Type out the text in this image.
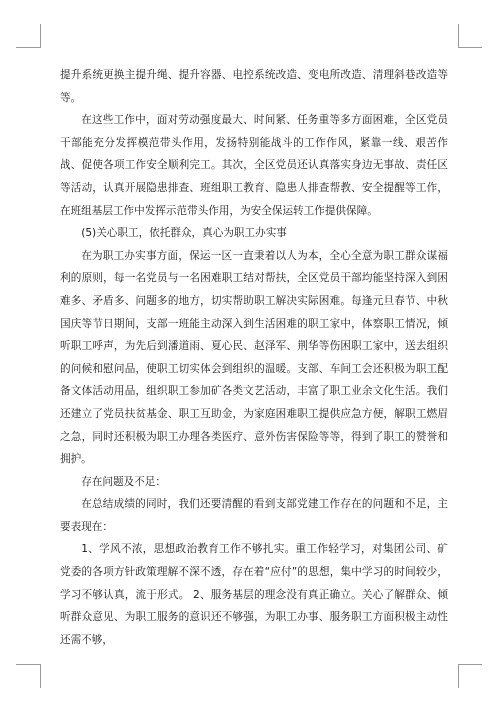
提升系统更换主提升绳、提升容器、电控系统改造、变电所改造、清理斜巷改造等等。

在这些工作中，面对劳动强度最大、时间紧、任务重等多方面困难，全区党员干部能充分发挥模范带头作用，发扬特别能战斗的工作作风，紧靠一线、艰苦作战、促使各项工作安全顺利完工。其次，全区党员还认真落实身边无事故、责任区等活动，认真开展隐患排查、班组职工教育、隐患人排查帮教、安全提醒等工作，在班组基层工作中发挥示范带头作用，为安全保运转工作提供保障。

(5)关心职工，依托群众，真心为职工办实事

在为职工办实事方面，保运一区一直秉着以人为本，全心全意为职工群众谋福利的原则，每一名党员与一名困难职工结对帮扶，全区党员干部均能坚持深入到困难多、矛盾多、问题多的地方，切实帮助职工解决实际困难。每逢元旦春节、中秋国庆等节日期间，支部一班能主动深入到生活困难的职工家中，体察职工情况，倾听职工呼声，为先后到潘道雨、夏心民、赵泽军、荆华等伤困职工家中，送去组织的问候和慰问品，使职工切实体会到组织的温暖。支部、车间工会还积极为职工配备文体活动用品，组织职工参加矿各类文艺活动，丰富了职工业余文化生活。我们还建立了党员扶贫基金、职工互助金，为家庭困难职工提供应急方便，解职工燃眉之急，同时还积极为职工办理各类医疗、意外伤害保险等等，得到了职工的赞誉和拥护。

存在问题及不足：

在总结成绩的同时，我们还要清醒的看到支部党建工作存在的问题和不足，主要表现在：

1、学风不浓，思想政治教育工作不够扎实。重工作轻学习，对集团公司、矿党委的各项方针政策理解不深不透，存在着“应付”的思想，集中学习的时间较少，学习不够认真，流于形式。 2、服务基层的理念没有真正确立。关心了解群众、倾听群众意见、为职工服务的意识还不够强，为职工办事、服务职工方面积极主动性还需不够，
